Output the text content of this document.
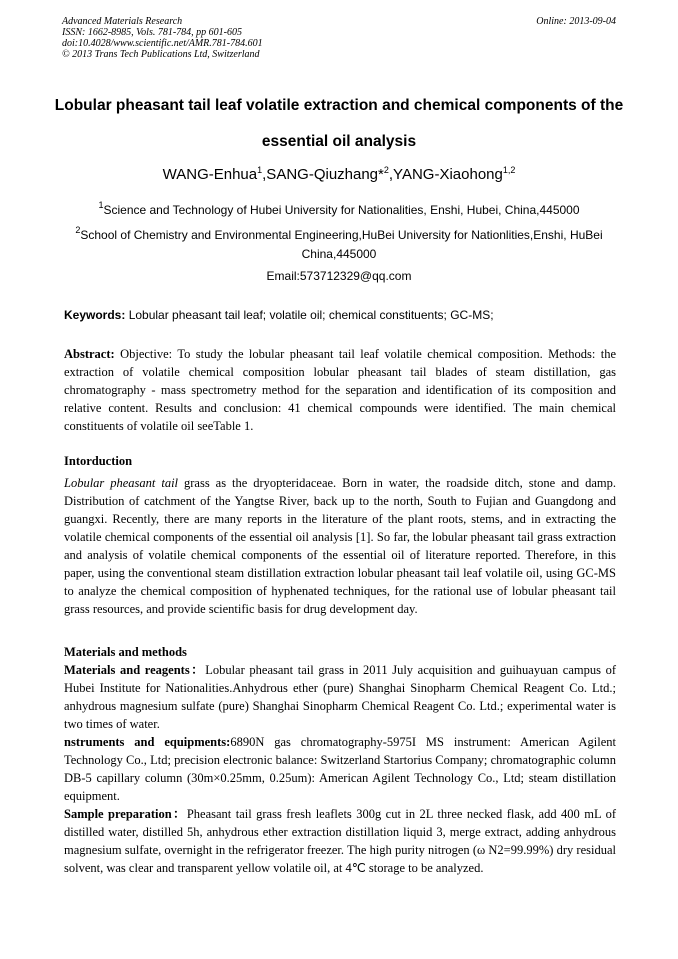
Advanced Materials Research
ISSN: 1662-8985, Vols. 781-784, pp 601-605
doi:10.4028/www.scientific.net/AMR.781-784.601
© 2013 Trans Tech Publications Ltd, Switzerland
Online: 2013-09-04
Lobular pheasant tail leaf volatile extraction and chemical components of the essential oil analysis
WANG-Enhua$^1$,SANG-Qiuzhang*$^2$,YANG-Xiaohong$^{1,2}$
$^1$Science and Technology of Hubei University for Nationalities, Enshi, Hubei, China,445000
$^2$School of Chemistry and Environmental Engineering,HuBei University for Nationlities,Enshi, HuBei China,445000
Email:573712329@qq.com
Keywords: Lobular pheasant tail leaf; volatile oil; chemical constituents; GC-MS;

Abstract: Objective: To study the lobular pheasant tail leaf volatile chemical composition. Methods: the extraction of volatile chemical composition lobular pheasant tail blades of steam distillation, gas chromatography - mass spectrometry method for the separation and identification of its composition and relative content. Results and conclusion: 41 chemical compounds were identified. The main chemical constituents of volatile oil seeTable 1.

Intorduction

Lobular pheasant tail grass as the dryopteridaceae. Born in water, the roadside ditch, stone and damp. Distribution of catchment of the Yangtse River, back up to the north, South to Fujian and Guangdong and guangxi. Recently, there are many reports in the literature of the plant roots, stems, and in extracting the volatile chemical components of the essential oil analysis [1]. So far, the lobular pheasant tail grass extraction and analysis of volatile chemical components of the essential oil of literature reported. Therefore, in this paper, using the conventional steam distillation extraction lobular pheasant tail leaf volatile oil, using GC-MS to analyze the chemical composition of hyphenated techniques, for the rational use of lobular pheasant tail grass resources, and provide scientific basis for drug development day.

Materials and methods

Materials and reagents：Lobular pheasant tail grass in 2011 July acquisition and guihuayuan campus of Hubei Institute for Nationalities.Anhydrous ether (pure) Shanghai Sinopharm Chemical Reagent Co. Ltd.; anhydrous magnesium sulfate (pure) Shanghai Sinopharm Chemical Reagent Co. Ltd.; experimental water is two times of water.

nstruments and equipments:6890N gas chromatography-5975I MS instrument: American Agilent Technology Co., Ltd; precision electronic balance: Switzerland Startorius Company; chromatographic column DB-5 capillary column (30m×0.25mm, 0.25um): American Agilent Technology Co., Ltd; steam distillation equipment.

Sample preparation：Pheasant tail grass fresh leaflets 300g cut in 2L three necked flask, add 400 mL of distilled water, distilled 5h, anhydrous ether extraction distillation liquid 3, merge extract, adding anhydrous magnesium sulfate, overnight in the refrigerator freezer. The high purity nitrogen (ω N2=99.99%) dry residual solvent, was clear and transparent yellow volatile oil, at 4℃ storage to be analyzed.
